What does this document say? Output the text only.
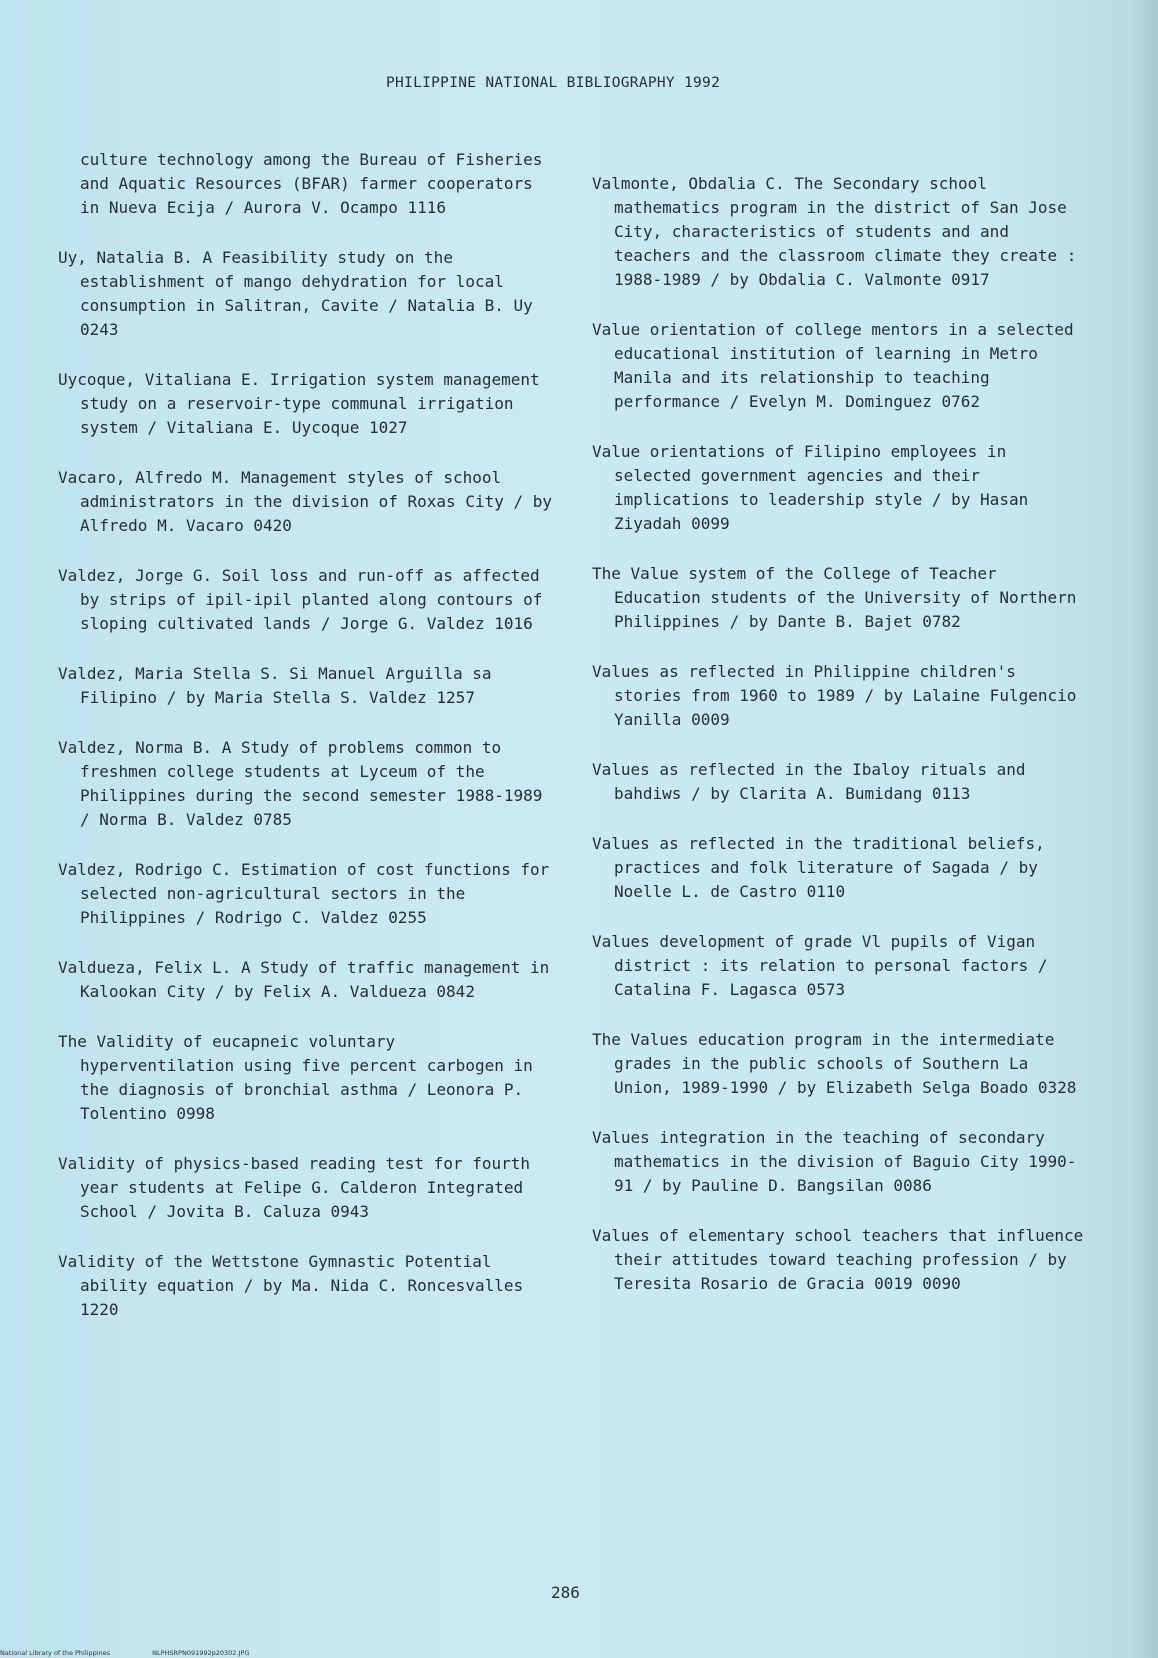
PHILIPPINE NATIONAL BIBLIOGRAPHY 1992
culture technology among the Bureau of Fisheries and Aquatic Resources (BFAR) farmer cooperators in Nueva Ecija / Aurora V. Ocampo 1116
Uy, Natalia B. A Feasibility study on the establishment of mango dehydration for local consumption in Salitran, Cavite / Natalia B. Uy 0243
Uycoque, Vitaliana E. Irrigation system management study on a reservoir-type communal irrigation system / Vitaliana E. Uycoque 1027
Vacaro, Alfredo M. Management styles of school administrators in the division of Roxas City / by Alfredo M. Vacaro 0420
Valdez, Jorge G. Soil loss and run-off as affected by strips of ipil-ipil planted along contours of sloping cultivated lands / Jorge G. Valdez 1016
Valdez, Maria Stella S. Si Manuel Arguilla sa Filipino / by Maria Stella S. Valdez 1257
Valdez, Norma B. A Study of problems common to freshmen college students at Lyceum of the Philippines during the second semester 1988-1989 / Norma B. Valdez 0785
Valdez, Rodrigo C. Estimation of cost functions for selected non-agricultural sectors in the Philippines / Rodrigo C. Valdez 0255
Valdueza, Felix L. A Study of traffic management in Kalookan City / by Felix A. Valdueza 0842
The Validity of eucapneic voluntary hyperventilation using five percent carbogen in the diagnosis of bronchial asthma / Leonora P. Tolentino 0998
Validity of physics-based reading test for fourth year students at Felipe G. Calderon Integrated School / Jovita B. Caluza 0943
Validity of the Wettstone Gymnastic Potential ability equation / by Ma. Nida C. Roncesvalles 1220
Valmonte, Obdalia C. The Secondary school mathematics program in the district of San Jose City, characteristics of students and and teachers and the classroom climate they create : 1988-1989 / by Obdalia C. Valmonte 0917
Value orientation of college mentors in a selected educational institution of learning in Metro Manila and its relationship to teaching performance / Evelyn M. Dominguez 0762
Value orientations of Filipino employees in selected government agencies and their implications to leadership style / by Hasan Ziyadah 0099
The Value system of the College of Teacher Education students of the University of Northern Philippines / by Dante B. Bajet 0782
Values as reflected in Philippine children's stories from 1960 to 1989 / by Lalaine Fulgencio Yanilla 0009
Values as reflected in the Ibaloy rituals and bahdiws / by Clarita A. Bumidang 0113
Values as reflected in the traditional beliefs, practices and folk literature of Sagada / by Noelle L. de Castro 0110
Values development of grade Vl pupils of Vigan district : its relation to personal factors / Catalina F. Lagasca 0573
The Values education program in the intermediate grades in the public schools of Southern La Union, 1989-1990 / by Elizabeth Selga Boado 0328
Values integration in the teaching of secondary mathematics in the division of Baguio City 1990-91 / by Pauline D. Bangsilan 0086
Values of elementary school teachers that influence their attitudes toward teaching profession / by Teresita Rosario de Gracia 0019 0090
286
National Library of the Philippines	NLPHSRPN091992p20302.JPG
